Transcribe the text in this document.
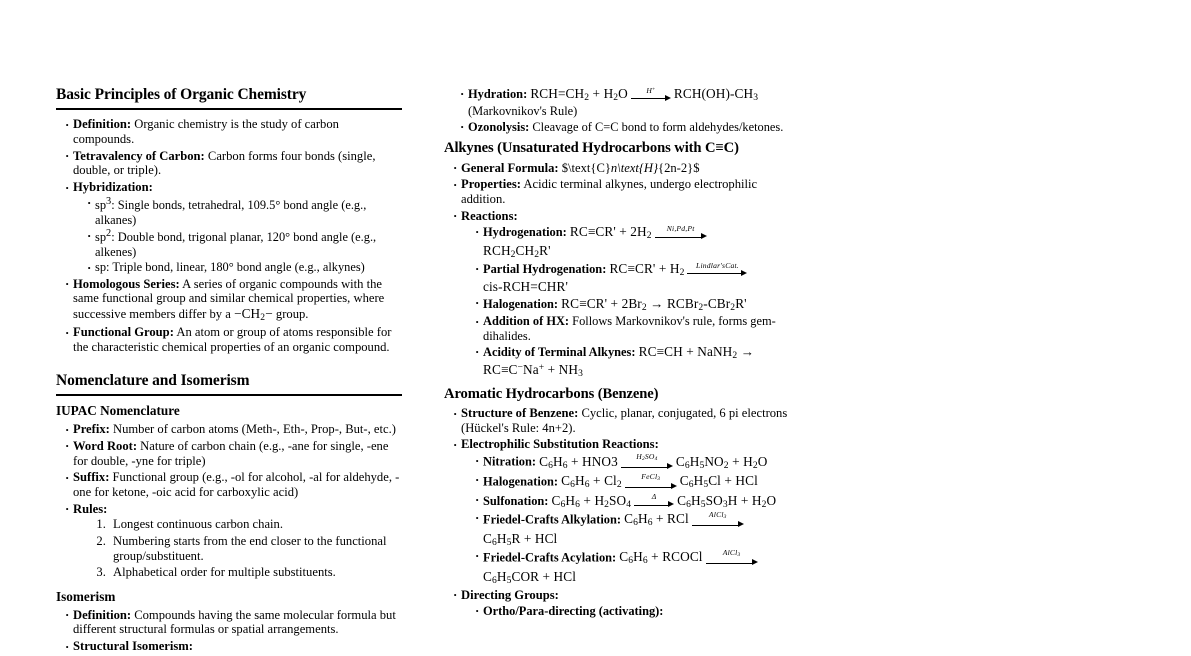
Basic Principles of Organic Chemistry
· Definition: Organic chemistry is the study of carbon compounds.
· Tetravalency of Carbon: Carbon forms four bonds (single, double, or triple).
· Hybridization:
· $sp^3$: Single bonds, tetrahedral, 109.5° bond angle (e.g., alkanes)
· $sp^2$: Double bond, trigonal planar, 120° bond angle (e.g., alkenes)
· sp: Triple bond, linear, 180° bond angle (e.g., alkynes)
· Homologous Series: A series of organic compounds with the same functional group and similar chemical properties, where successive members differ by $a -CH_2-$ group.
· Functional Group: An atom or group of atoms responsible for the characteristic chemical properties of an organic compound.
Nomenclature and Isomerism
IUPAC Nomenclature
· Prefix: Number of carbon atoms (Meth-, Eth-, Prop-, But-, etc.)
· Word Root: Nature of carbon chain (e.g., -ane for single, -ene for double, -yne for triple)
· Suffix: Functional group (e.g., -ol for alcohol, -al for aldehyde, -one for ketone, -oic acid for carboxylic acid)
· Rules:
1. Longest continuous carbon chain.
2. Numbering starts from the end closer to the functional group/substituent.
3. Alphabetical order for multiple substituents.
Isomerism
· Definition: Compounds having the same molecular formula but different structural formulas or spatial arrangements.
· Structural Isomerism:
· Hydration: $RCH=CH_2 + H_2O$	H+	$RCH(OH)-CH_3$
(Markovnikov's Rule)
· Ozonolysis: Cleavage of C=C bond to form aldehydes/ketones.
Alkynes (Unsaturated Hydrocarbons with C≡C)
· General Formula: $\text{C}n\text{H}{2n-2}$
· Properties: Acidic terminal alkynes, undergo electrophilic addition.
· Reactions:
· Hydrogenation: $RC\equiv CR' + 2H_2$
Ni,Pd,Pt
$RCH_2CH_2R'$
· Partial Hydrogenation: $RC\equiv CR' + H_2$
Lindlar'sCat.
cis-RCH=CHR'
· Halogenation: $RC\equiv CR' + 2Br_2$ → RCBr$_2$-CBr$_2$R'
· Addition of HX: Follows Markovnikov's rule, forms gem-dihalides.
· Acidity of Terminal Alkynes: RC≡CH + NaNH$_2$ →
$RC\equiv C^-Na^+ + NH_3$
Aromatic Hydrocarbons (Benzene)
· Structure of Benzene: Cyclic, planar, conjugated, 6 pi electrons (Hückel's Rule: 4n+2).
· Electrophilic Substitution Reactions:
· Nitration: $C_6H_6 + HNO3$	$H_2SO_4$	$C_6H_5NO_2 + H_2O$
· Halogenation: $C_6H_6 + Cl_2$
FeCl$_3$	$C_6H_5Cl$ + HCl
· Sulfonation: $C_6H_6 + H_2SO_4$
Δ	$C_6H_5SO_3H + H_2O$
· Friedel-Crafts Alkylation: $C_6H_6$ + RCl	AlCl$_3$
$C_6H_5R$ + HCl
· Friedel-Crafts Acylation: $C_6H_6$ + RCOCl	AlCl$_3$
$C_6H_5COR$ + HCl
· Directing Groups:
· Ortho/Para-directing (activating):
